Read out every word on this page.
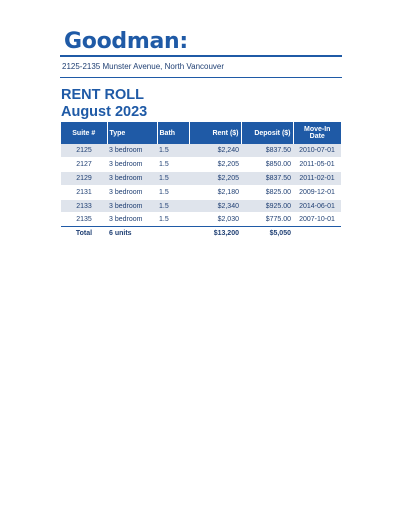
Goodman:
2125-2135 Munster Avenue, North Vancouver
RENT ROLL
August 2023
Suite #	Type	Bath	Rent ($)	Deposit ($)	Move-In Date
2125	3 bedroom	1.5	$2,240	$837.50	2010-07-01
2127	3 bedroom	1.5	$2,205	$850.00	2011-05-01
2129	3 bedroom	1.5	$2,205	$837.50	2011-02-01
2131	3 bedroom	1.5	$2,180	$825.00	2009-12-01
2133	3 bedroom	1.5	$2,340	$925.00	2014-06-01
2135	3 bedroom	1.5	$2,030	$775.00	2007-10-01
Total	6 units		$13,200	$5,050	
